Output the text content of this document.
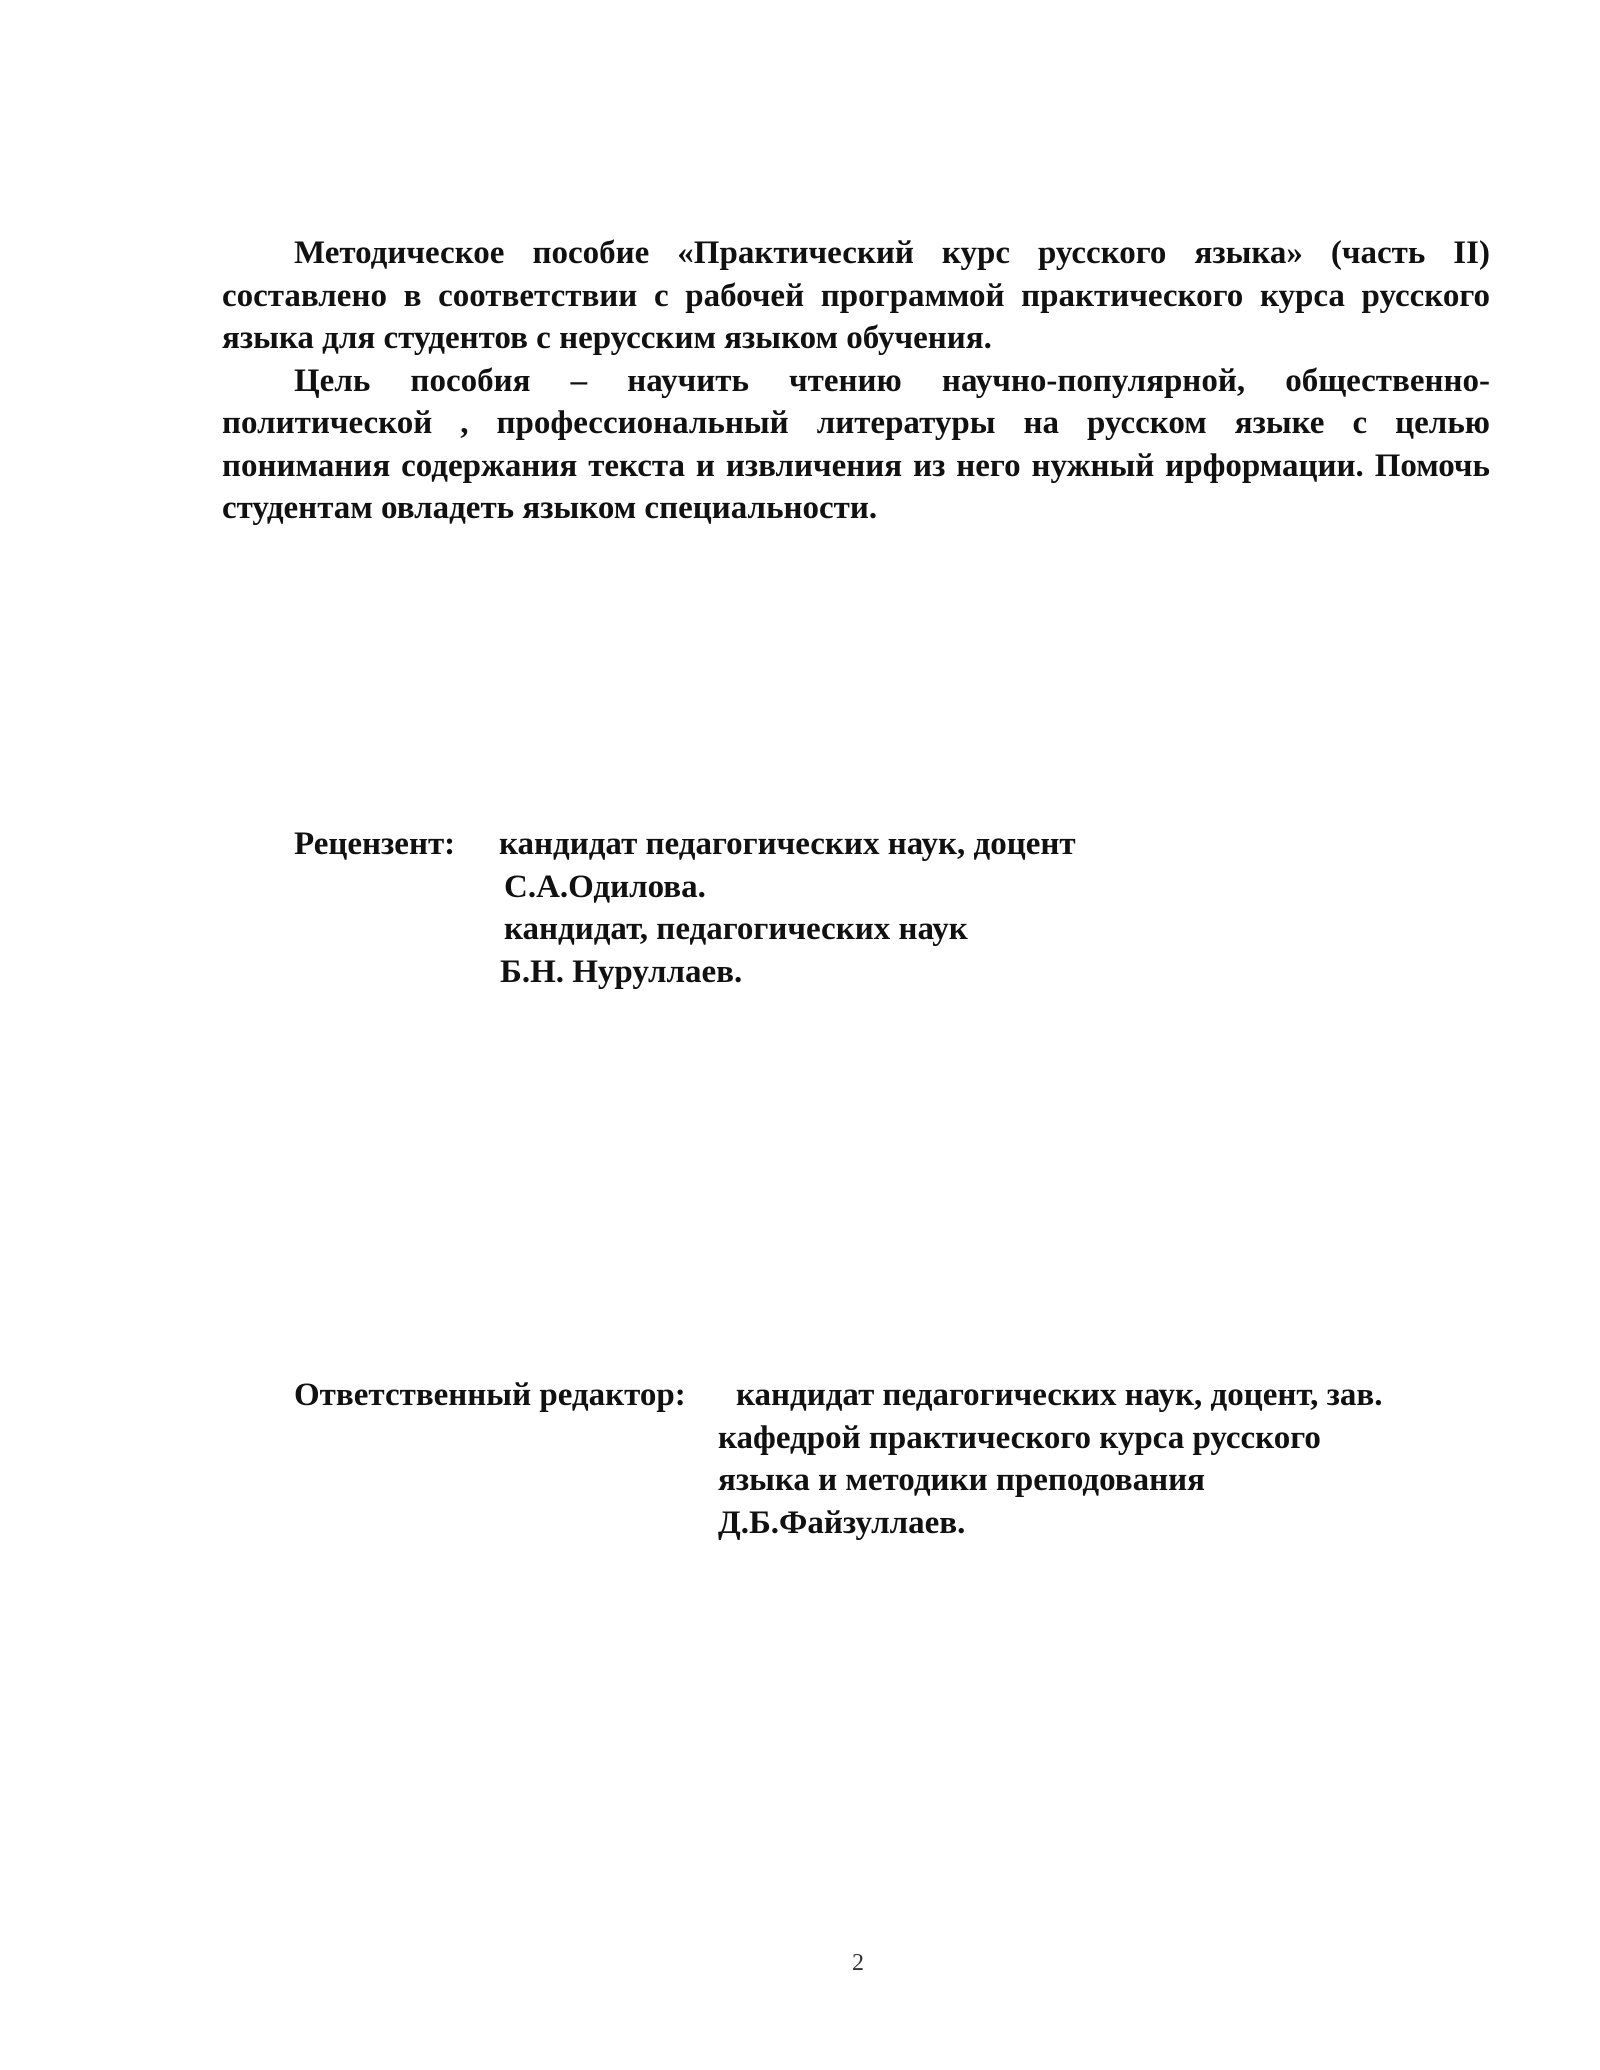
Методическое пособие «Практический курс русского языка» (часть II) составлено в соответствии с рабочей программой практического курса русского языка для студентов с нерусским языком обучения.

Цель пособия – научить чтению научно-популярной, общественно-политической , профессиональный литературы на русском языке с целью понимания содержания текста и извличения из него нужный ирформации. Помочь студентам овладеть языком специальности.

Рецензент: кандидат педагогических наук, доцент
С.А.Одилова.
кандидат, педагогических наук
Б.Н. Нуруллаев.
Ответственный редактор: кандидат педагогических наук, доцент, зав.
кафедрой практического курса русского
языка и методики преподования
Д.Б.Файзуллаев.
2
